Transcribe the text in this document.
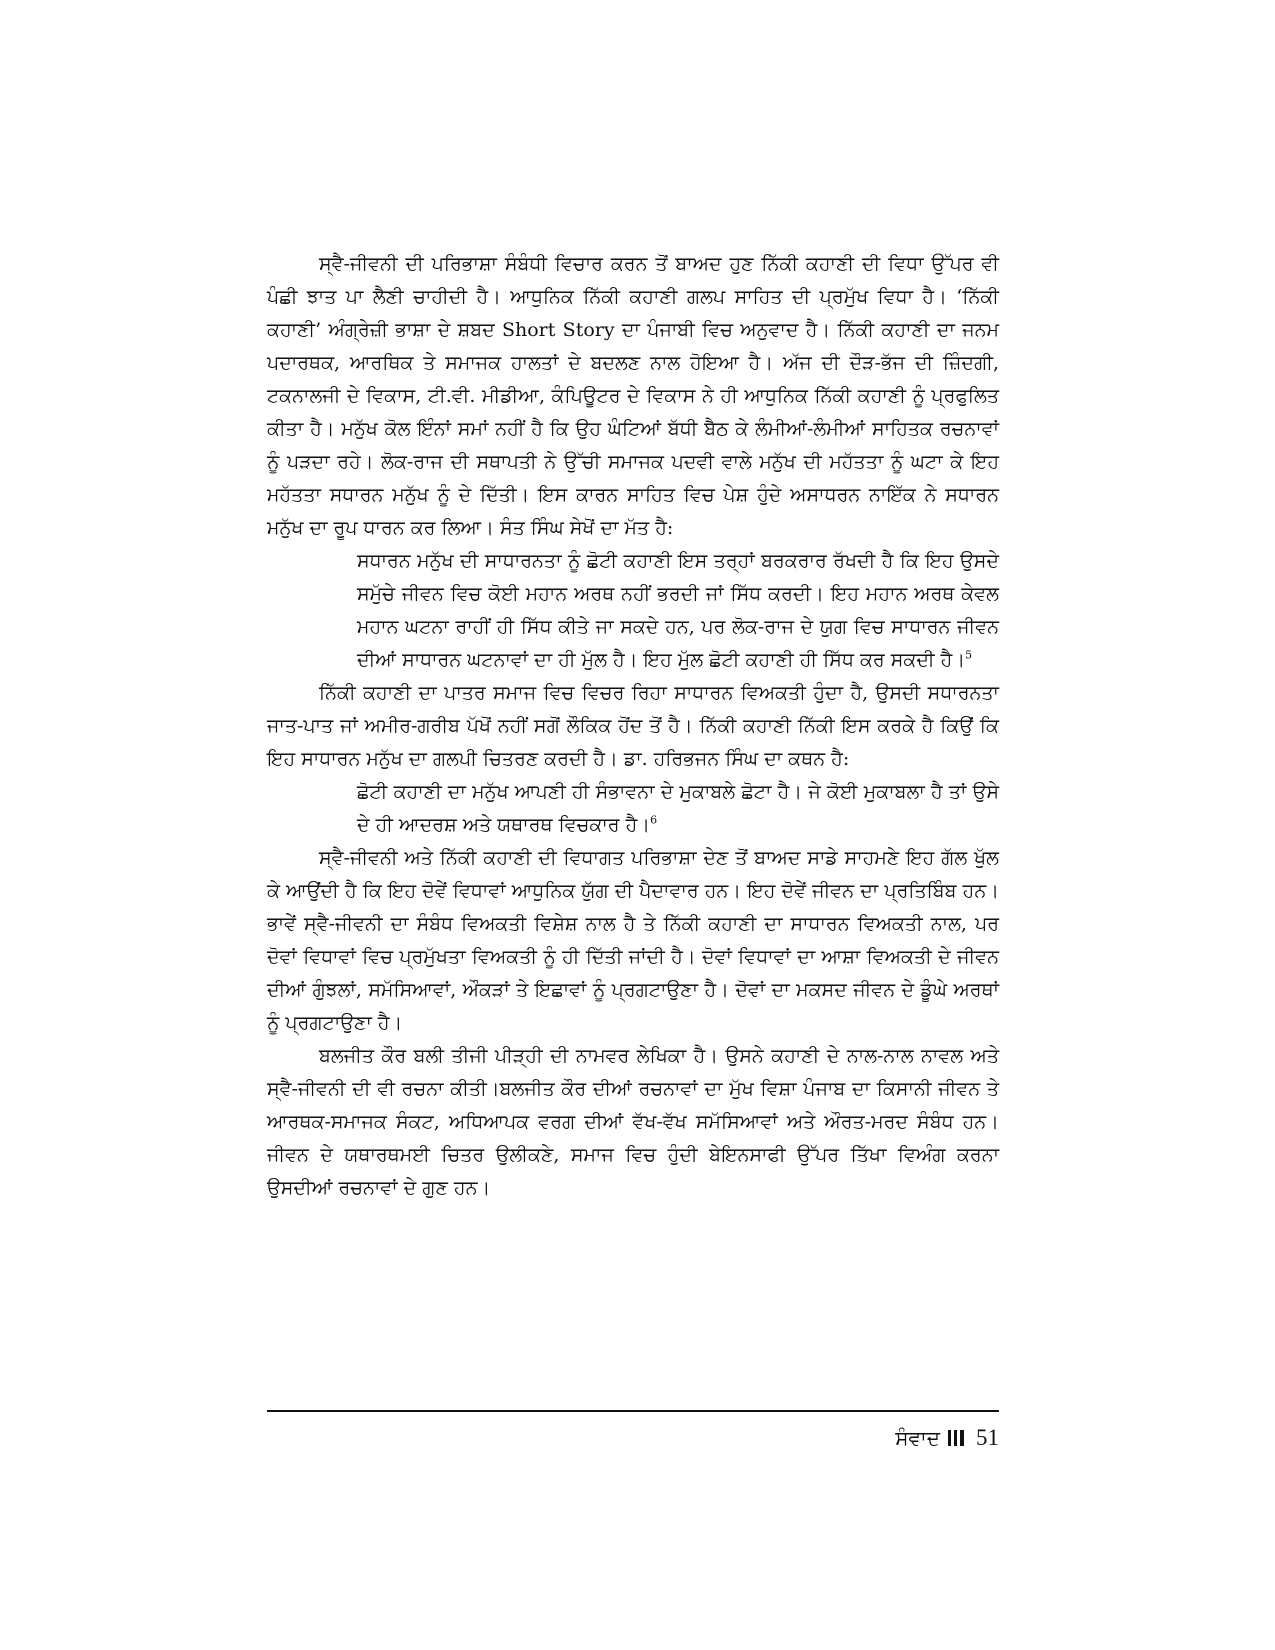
ਸ੍ਵੈ-ਜੀਵਨੀ ਦੀ ਪਰਿਭਾਸ਼ਾ ਸੰਬੰਧੀ ਵਿਚਾਰ ਕਰਨ ਤੋਂ ਬਾਅਦ ਹੁਣ ਨਿੱਕੀ ਕਹਾਣੀ ਦੀ ਵਿਧਾ ਉੱਪਰ ਵੀ ਪੰਛੀ ਝਾਤ ਪਾ ਲੈਣੀ ਚਾਹੀਦੀ ਹੈ। ਆਧੁਨਿਕ ਨਿੱਕੀ ਕਹਾਣੀ ਗਲਪ ਸਾਹਿਤ ਦੀ ਪ੍ਰਮੁੱਖ ਵਿਧਾ ਹੈ। ‘ਨਿੱਕੀ ਕਹਾਣੀ’ ਅੰਗ੍ਰੇਜ਼ੀ ਭਾਸ਼ਾ ਦੇ ਸ਼ਬਦ Short Story ਦਾ ਪੰਜਾਬੀ ਵਿਚ ਅਨੁਵਾਦ ਹੈ। ਨਿੱਕੀ ਕਹਾਣੀ ਦਾ ਜਨਮ ਪਦਾਰਥਕ, ਆਰਥਿਕ ਤੇ ਸਮਾਜਕ ਹਾਲਤਾਂ ਦੇ ਬਦਲਣ ਨਾਲ ਹੋਇਆ ਹੈ। ਅੱਜ ਦੀ ਦੌੜ-ਭੱਜ ਦੀ ਜ਼ਿੰਦਗੀ, ਟਕਨਾਲਜੀ ਦੇ ਵਿਕਾਸ, ਟੀ.ਵੀ. ਮੀਡੀਆ, ਕੰਪਿਊਟਰ ਦੇ ਵਿਕਾਸ ਨੇ ਹੀ ਆਧੁਨਿਕ ਨਿੱਕੀ ਕਹਾਣੀ ਨੂੰ ਪ੍ਰਫੁਲਿਤ ਕੀਤਾ ਹੈ। ਮਨੁੱਖ ਕੋਲ ਇੰਨਾਂ ਸਮਾਂ ਨਹੀਂ ਹੈ ਕਿ ਉਹ ਘੰਟਿਆਂ ਬੱਧੀ ਬੈਠ ਕੇ ਲੰਮੀਆਂ-ਲੰਮੀਆਂ ਸਾਹਿਤਕ ਰਚਨਾਵਾਂ ਨੂੰ ਪੜਦਾ ਰਹੇ। ਲੋਕ-ਰਾਜ ਦੀ ਸਥਾਪਤੀ ਨੇ ਉੱਚੀ ਸਮਾਜਕ ਪਦਵੀ ਵਾਲੇ ਮਨੁੱਖ ਦੀ ਮਹੱਤਤਾ ਨੂੰ ਘਟਾ ਕੇ ਇਹ ਮਹੱਤਤਾ ਸਧਾਰਨ ਮਨੁੱਖ ਨੂੰ ਦੇ ਦਿੱਤੀ। ਇਸ ਕਾਰਨ ਸਾਹਿਤ ਵਿਚ ਪੇਸ਼ ਹੁੰਦੇ ਅਸਾਧਰਨ ਨਾਇੱਕ ਨੇ ਸਧਾਰਨ ਮਨੁੱਖ ਦਾ ਰੂਪ ਧਾਰਨ ਕਰ ਲਿਆ। ਸੰਤ ਸਿੰਘ ਸੇਖੋਂ ਦਾ ਮੱਤ ਹੈ:

ਸਧਾਰਨ ਮਨੁੱਖ ਦੀ ਸਾਧਾਰਨਤਾ ਨੂੰ ਛੋਟੀ ਕਹਾਣੀ ਇਸ ਤਰ੍ਹਾਂ ਬਰਕਰਾਰ ਰੱਖਦੀ ਹੈ ਕਿ ਇਹ ਉਸਦੇ ਸਮੁੱਚੇ ਜੀਵਨ ਵਿਚ ਕੋਈ ਮਹਾਨ ਅਰਥ ਨਹੀਂ ਭਰਦੀ ਜਾਂ ਸਿੱਧ ਕਰਦੀ। ਇਹ ਮਹਾਨ ਅਰਥ ਕੇਵਲ ਮਹਾਨ ਘਟਨਾ ਰਾਹੀਂ ਹੀ ਸਿੱਧ ਕੀਤੇ ਜਾ ਸਕਦੇ ਹਨ, ਪਰ ਲੋਕ-ਰਾਜ ਦੇ ਯੁਗ ਵਿਚ ਸਾਧਾਰਨ ਜੀਵਨ ਦੀਆਂ ਸਾਧਾਰਨ ਘਟਨਾਵਾਂ ਦਾ ਹੀ ਮੁੱਲ ਹੈ। ਇਹ ਮੁੱਲ ਛੋਟੀ ਕਹਾਣੀ ਹੀ ਸਿੱਧ ਕਰ ਸਕਦੀ ਹੈ।$^5$

ਨਿੱਕੀ ਕਹਾਣੀ ਦਾ ਪਾਤਰ ਸਮਾਜ ਵਿਚ ਵਿਚਰ ਰਿਹਾ ਸਾਧਾਰਨ ਵਿਅਕਤੀ ਹੁੰਦਾ ਹੈ, ਉਸਦੀ ਸਧਾਰਨਤਾ ਜਾਤ-ਪਾਤ ਜਾਂ ਅਮੀਰ-ਗਰੀਬ ਪੱਖੋਂ ਨਹੀਂ ਸਗੋਂ ਲੌਕਿਕ ਹੋਂਦ ਤੋਂ ਹੈ। ਨਿੱਕੀ ਕਹਾਣੀ ਨਿੱਕੀ ਇਸ ਕਰਕੇ ਹੈ ਕਿਉਂ ਕਿ ਇਹ ਸਾਧਾਰਨ ਮਨੁੱਖ ਦਾ ਗਲਪੀ ਚਿਤਰਣ ਕਰਦੀ ਹੈ। ਡਾ. ਹਰਿਭਜਨ ਸਿੰਘ ਦਾ ਕਥਨ ਹੈ:

ਛੋਟੀ ਕਹਾਣੀ ਦਾ ਮਨੁੱਖ ਆਪਣੀ ਹੀ ਸੰਭਾਵਨਾ ਦੇ ਮੁਕਾਬਲੇ ਛੋਟਾ ਹੈ। ਜੇ ਕੋਈ ਮੁਕਾਬਲਾ ਹੈ ਤਾਂ ਉਸੇ ਦੇ ਹੀ ਆਦਰਸ਼ ਅਤੇ ਯਥਾਰਥ ਵਿਚਕਾਰ ਹੈ।$^6$

ਸ੍ਵੈ-ਜੀਵਨੀ ਅਤੇ ਨਿੱਕੀ ਕਹਾਣੀ ਦੀ ਵਿਧਾਗਤ ਪਰਿਭਾਸ਼ਾ ਦੇਣ ਤੋਂ ਬਾਅਦ ਸਾਡੇ ਸਾਹਮਣੇ ਇਹ ਗੱਲ ਖੁੱਲ ਕੇ ਆਉਂਦੀ ਹੈ ਕਿ ਇਹ ਦੋਵੇਂ ਵਿਧਾਵਾਂ ਆਧੁਨਿਕ ਯੁੱਗ ਦੀ ਪੈਦਾਵਾਰ ਹਨ। ਇਹ ਦੋਵੇਂ ਜੀਵਨ ਦਾ ਪ੍ਰਤਿਬਿੰਬ ਹਨ। ਭਾਵੇਂ ਸ੍ਵੈ-ਜੀਵਨੀ ਦਾ ਸੰਬੰਧ ਵਿਅਕਤੀ ਵਿਸ਼ੇਸ਼ ਨਾਲ ਹੈ ਤੇ ਨਿੱਕੀ ਕਹਾਣੀ ਦਾ ਸਾਧਾਰਨ ਵਿਅਕਤੀ ਨਾਲ, ਪਰ ਦੋਵਾਂ ਵਿਧਾਵਾਂ ਵਿਚ ਪ੍ਰਮੁੱਖਤਾ ਵਿਅਕਤੀ ਨੂੰ ਹੀ ਦਿੱਤੀ ਜਾਂਦੀ ਹੈ। ਦੋਵਾਂ ਵਿਧਾਵਾਂ ਦਾ ਆਸ਼ਾ ਵਿਅਕਤੀ ਦੇ ਜੀਵਨ ਦੀਆਂ ਗੁੰਝਲਾਂ, ਸਮੱਸਿਆਵਾਂ, ਔਕੜਾਂ ਤੇ ਇਛਾਵਾਂ ਨੂੰ ਪ੍ਰਗਟਾਉਣਾ ਹੈ। ਦੋਵਾਂ ਦਾ ਮਕਸਦ ਜੀਵਨ ਦੇ ਡੂੰਘੇ ਅਰਥਾਂ ਨੂੰ ਪ੍ਰਗਟਾਉਣਾ ਹੈ।

ਬਲਜੀਤ ਕੌਰ ਬਲੀ ਤੀਜੀ ਪੀੜ੍ਹੀ ਦੀ ਨਾਮਵਰ ਲੇਖਿਕਾ ਹੈ। ਉਸਨੇ ਕਹਾਣੀ ਦੇ ਨਾਲ-ਨਾਲ ਨਾਵਲ ਅਤੇ ਸ੍ਵੈ-ਜੀਵਨੀ ਦੀ ਵੀ ਰਚਨਾ ਕੀਤੀ।ਬਲਜੀਤ ਕੌਰ ਦੀਆਂ ਰਚਨਾਵਾਂ ਦਾ ਮੁੱਖ ਵਿਸ਼ਾ ਪੰਜਾਬ ਦਾ ਕਿਸਾਨੀ ਜੀਵਨ ਤੇ ਆਰਥਕ-ਸਮਾਜਕ ਸੰਕਟ, ਅਧਿਆਪਕ ਵਰਗ ਦੀਆਂ ਵੱਖ-ਵੱਖ ਸਮੱਸਿਆਵਾਂ ਅਤੇ ਔਰਤ-ਮਰਦ ਸੰਬੰਧ ਹਨ। ਜੀਵਨ ਦੇ ਯਥਾਰਥਮਈ ਚਿਤਰ ਉਲੀਕਣੇ, ਸਮਾਜ ਵਿਚ ਹੁੰਦੀ ਬੇਇਨਸਾਫੀ ਉੱਪਰ ਤਿੱਖਾ ਵਿਅੰਗ ਕਰਨਾ ਉਸਦੀਆਂ ਰਚਨਾਵਾਂ ਦੇ ਗੁਣ ਹਨ।

ਸੰਵਾਦ 51
